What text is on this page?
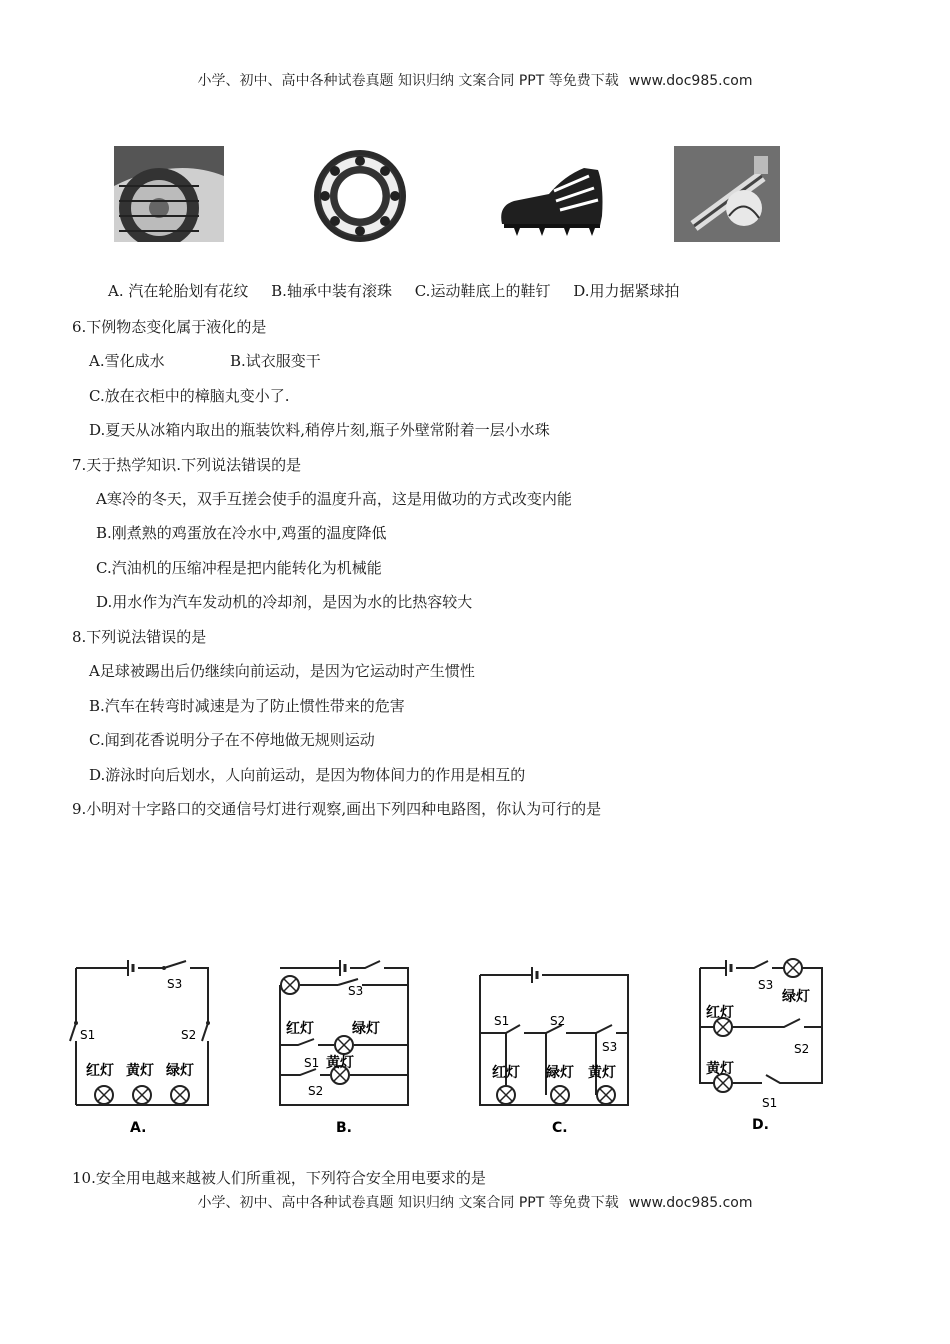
小学、初中、高中各种试卷真题 知识归纳 文案合同 PPT 等免费下载 www.doc985.com
A. 汽在轮胎划有花纹 B.轴承中装有滚珠 C.运动鞋底上的鞋钉 D.用力据紧球拍
6.下例物态变化属于液化的是
A.雪化成水	B.试衣服变干
C.放在衣柜中的樟脑丸变小了.
D.夏天从冰箱内取出的瓶装饮料,稍停片刻,瓶子外壁常附着一层小水珠
7.天于热学知识.下列说法错误的是
A寒冷的冬天，双手互搓会使手的温度升高，这是用做功的方式改变内能
B.刚煮熟的鸡蛋放在冷水中,鸡蛋的温度降低
C.汽油机的压缩冲程是把内能转化为机械能
D.用水作为汽车发动机的冷却剂，是因为水的比热容较大
8.下列说法错误的是
A足球被踢出后仍继续向前运动，是因为它运动时产生惯性
B.汽车在转弯时减速是为了防止惯性带来的危害
C.闻到花香说明分子在不停地做无规则运动
D.游泳时向后划水，人向前运动，是因为物体间力的作用是相互的
9.小明对十字路口的交通信号灯进行观察,画出下列四种电路图，你认为可行的是
S3
S1	S2
红灯 黄灯 绿灯
A.
S3
红灯	绿灯
S1 黄灯
S2
B.
S1	S2
S3
红灯 緑灯 黄灯
C.
S3
绿灯
红灯
S2
黄灯
S1
D.
10.安全用电越来越被人们所重视，下列符合安全用电要求的是
小学、初中、高中各种试卷真题 知识归纳 文案合同 PPT 等免费下载 www.doc985.com
